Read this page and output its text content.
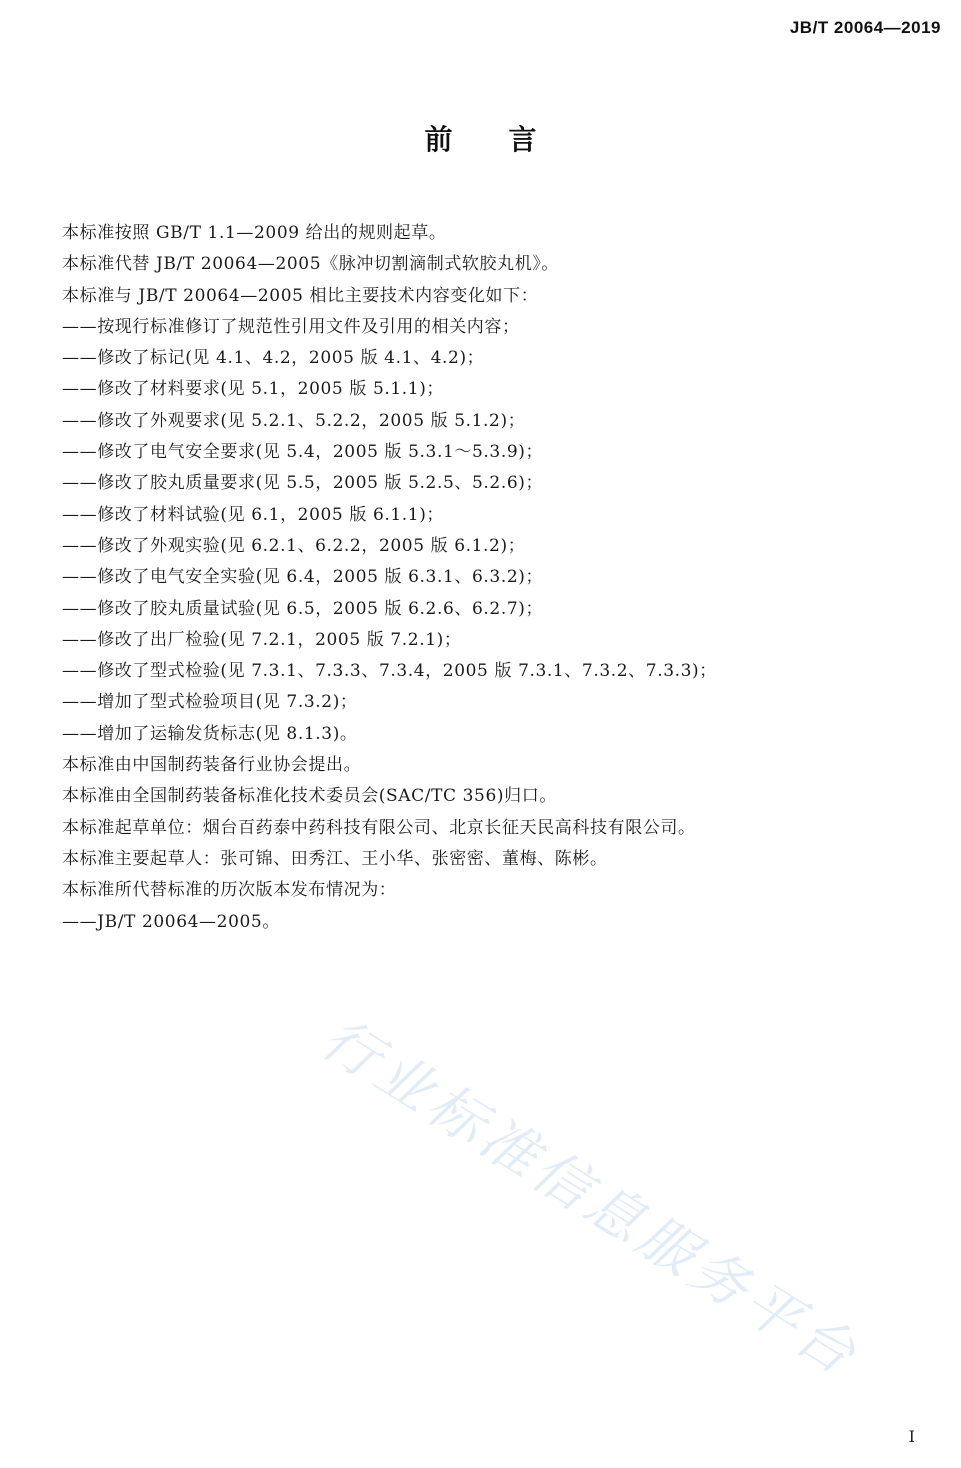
JB/T 20064—2019
前言
本标准按照 GB/T 1.1—2009 给出的规则起草。
本标准代替 JB/T 20064—2005《脉冲切割滴制式软胶丸机》。
本标准与 JB/T 20064—2005 相比主要技术内容变化如下：
——按现行标准修订了规范性引用文件及引用的相关内容；
——修改了标记(见 4.1、4.2，2005 版 4.1、4.2)；
——修改了材料要求(见 5.1，2005 版 5.1.1)；
——修改了外观要求(见 5.2.1、5.2.2，2005 版 5.1.2)；
——修改了电气安全要求(见 5.4，2005 版 5.3.1～5.3.9)；
——修改了胶丸质量要求(见 5.5，2005 版 5.2.5、5.2.6)；
——修改了材料试验(见 6.1，2005 版 6.1.1)；
——修改了外观实验(见 6.2.1、6.2.2，2005 版 6.1.2)；
——修改了电气安全实验(见 6.4，2005 版 6.3.1、6.3.2)；
——修改了胶丸质量试验(见 6.5，2005 版 6.2.6、6.2.7)；
——修改了出厂检验(见 7.2.1，2005 版 7.2.1)；
——修改了型式检验(见 7.3.1、7.3.3、7.3.4，2005 版 7.3.1、7.3.2、7.3.3)；
——增加了型式检验项目(见 7.3.2)；
——增加了运输发货标志(见 8.1.3)。
本标准由中国制药装备行业协会提出。
本标准由全国制药装备标准化技术委员会(SAC/TC 356)归口。
本标准起草单位：烟台百药泰中药科技有限公司、北京长征天民高科技有限公司。
本标准主要起草人：张可锦、田秀江、王小华、张密密、董梅、陈彬。
本标准所代替标准的历次版本发布情况为：
——JB/T 20064—2005。
行业标准信息服务平台
I
